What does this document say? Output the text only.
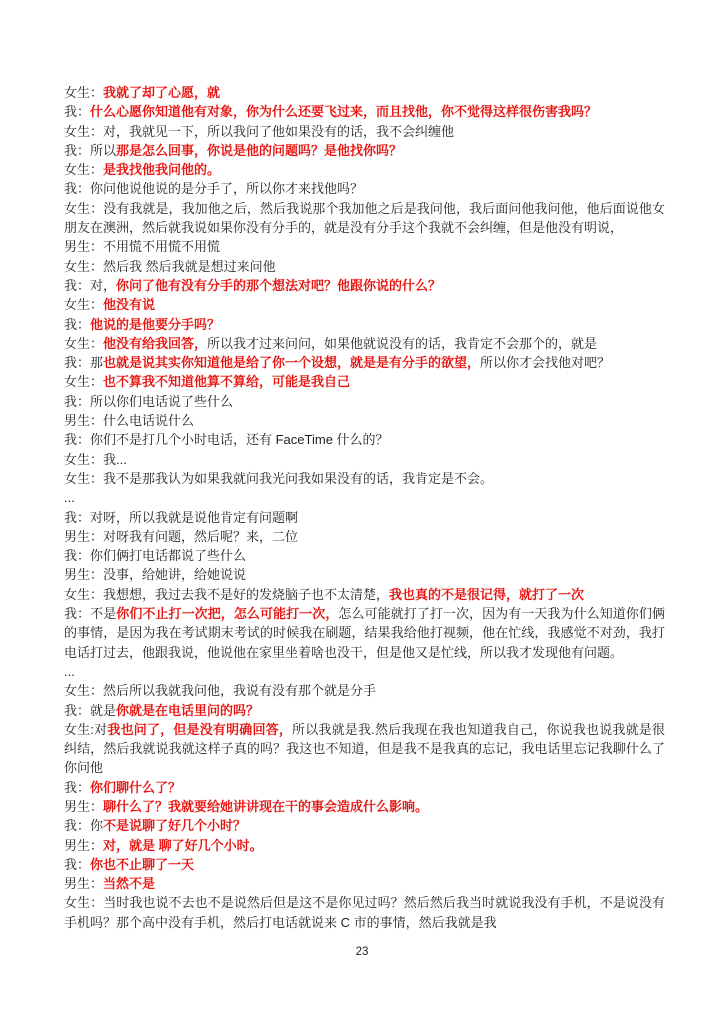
女生：我就了却了心愿，就

我：什么心愿你知道他有对象，你为什么还要飞过来，而且找他，你不觉得这样很伤害我吗？

女生：对，我就见一下，所以我问了他如果没有的话，我不会纠缠他

我：所以那是怎么回事，你说是他的问题吗？是他找你吗？

女生：是我找他我问他的。

我：你问他说他说的是分手了，所以你才来找他吗？

女生：没有我就是，我加他之后，然后我说那个我加他之后是我问他，我后面问他我问他，他后面说他女朋友在澳洲，然后就我说如果你没有分手的，就是没有分手这个我就不会纠缠，但是他没有明说，

男生：不用慌不用慌不用慌

女生：然后我 然后我就是想过来问他

我：对，你问了他有没有分手的那个想法对吧？他跟你说的什么？

女生：他没有说

我：他说的是他要分手吗？

女生：他没有给我回答，所以我才过来问问，如果他就说没有的话，我肯定不会那个的，就是

我：那也就是说其实你知道他是给了你一个设想，就是是有分手的欲望，所以你才会找他对吧？

女生：也不算我不知道他算不算给，可能是我自己

我：所以你们电话说了些什么

男生：什么电话说什么

我：你们不是打几个小时电话，还有 FaceTime 什么的？

女生：我...

女生：我不是那我认为如果我就问我光问我如果没有的话，我肯定是不会。

...

我：对呀，所以我就是说他肯定有问题啊

男生：对呀我有问题，然后呢？来，二位

我：你们俩打电话都说了些什么

男生：没事，给她讲，给她说说

女生：我想想，我过去我不是好的发烧脑子也不太清楚，我也真的不是很记得，就打了一次

我：不是你们不止打一次把，怎么可能打一次，怎么可能就打了打一次，因为有一天我为什么知道你们俩的事情，是因为我在考试期末考试的时候我在刷题，结果我给他打视频，他在忙线，我感觉不对劲，我打电话打过去，他跟我说，他说他在家里坐着啥也没干，但是他又是忙线，所以我才发现他有问题。

...

女生：然后所以我就我问他，我说有没有那个就是分手

我：就是你就是在电话里问的吗？

女生:对我也问了，但是没有明确回答，所以我就是我.然后我现在我也知道我自己，你说我也说我就是很纠结，然后我就说我就这样子真的吗？我这也不知道，但是我不是我真的忘记，我电话里忘记我聊什么了你问他

我：你们聊什么了？

男生：聊什么了？我就要给她讲讲现在干的事会造成什么影响。

我：你不是说聊了好几个小时？

男生：对，就是 聊了好几个小时。

我：你也不止聊了一天

男生：当然不是

女生：当时我也说不去也不是说然后但是这不是你见过吗？然后然后我当时就说我没有手机，不是说没有手机吗？那个高中没有手机，然后打电话就说来 C 市的事情，然后我就是我

23
